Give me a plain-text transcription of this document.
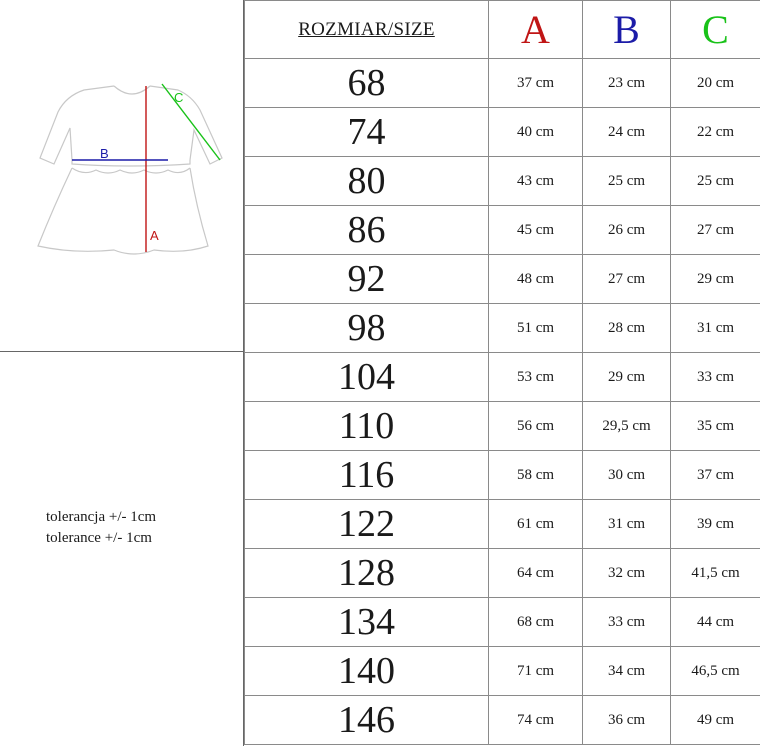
A
B
C
tolerancja +/- 1cm
tolerance +/- 1cm
ROZMIAR/SIZE	A	B	C
68	37 cm	23 cm	20 cm
74	40 cm	24 cm	22 cm
80	43 cm	25 cm	25 cm
86	45 cm	26 cm	27 cm
92	48 cm	27 cm	29 cm
98	51 cm	28 cm	31 cm
104	53 cm	29 cm	33 cm
110	56 cm	29,5 cm	35 cm
116	58 cm	30 cm	37 cm
122	61 cm	31 cm	39 cm
128	64 cm	32 cm	41,5 cm
134	68 cm	33 cm	44 cm
140	71 cm	34 cm	46,5 cm
146	74 cm	36 cm	49 cm
